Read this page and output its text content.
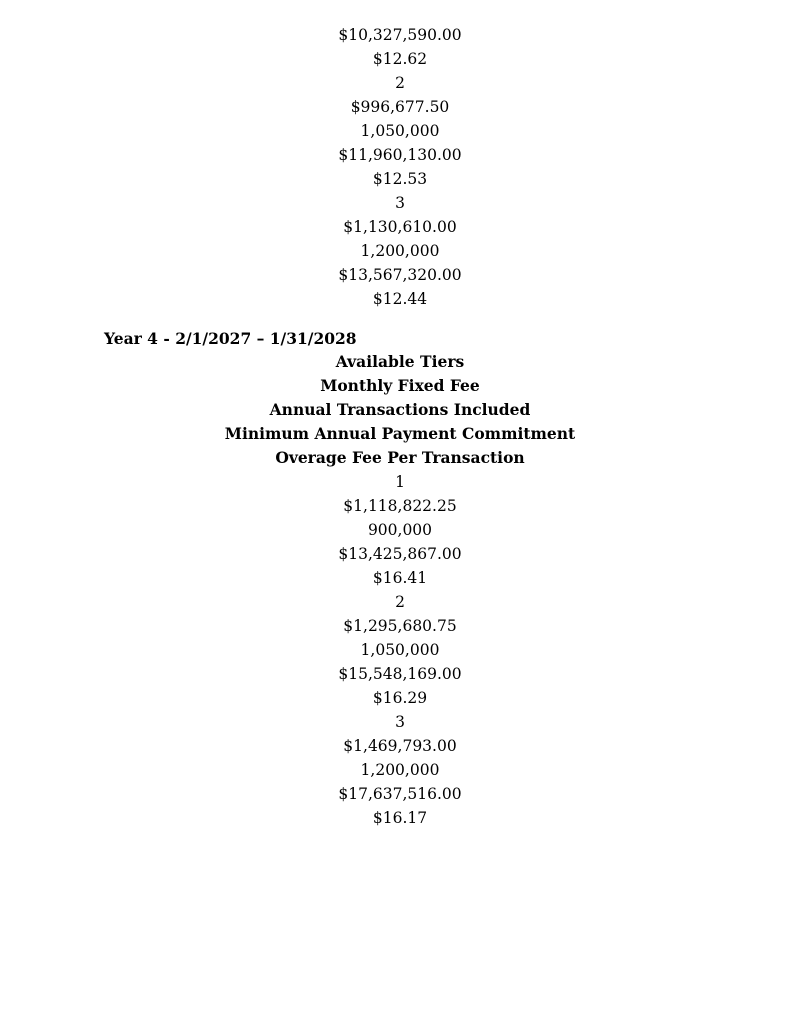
$10,327,590.00
$12.62
2
$996,677.50
1,050,000
$11,960,130.00
$12.53
3
$1,130,610.00
1,200,000
$13,567,320.00
$12.44
Year 4 - 2/1/2027 – 1/31/2028
Available Tiers
Monthly Fixed Fee
Annual Transactions Included
Minimum Annual Payment Commitment
Overage Fee Per Transaction
1
$1,118,822.25
900,000
$13,425,867.00
$16.41
2
$1,295,680.75
1,050,000
$15,548,169.00
$16.29
3
$1,469,793.00
1,200,000
$17,637,516.00
$16.17
